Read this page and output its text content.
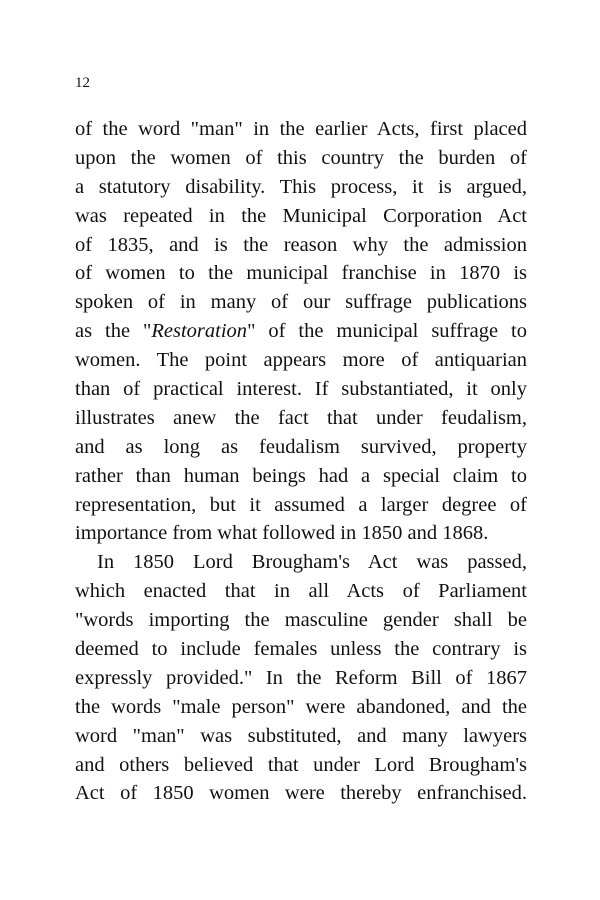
12
of the word "man" in the earlier Acts, first placed
upon the women of this country the burden of
a statutory disability. This process, it is argued,
was repeated in the Municipal Corporation Act
of 1835, and is the reason why the admission
of women to the municipal franchise in 1870 is
spoken of in many of our suffrage publications
as the "Restoration" of the municipal suffrage to
women. The point appears more of antiquarian
than of practical interest. If substantiated, it only
illustrates anew the fact that under feudalism,
and as long as feudalism survived, property
rather than human beings had a special claim to
representation, but it assumed a larger degree of
importance from what followed in 1850 and 1868.
In 1850 Lord Brougham's Act was passed,
which enacted that in all Acts of Parliament
"words importing the masculine gender shall be
deemed to include females unless the contrary is
expressly provided." In the Reform Bill of 1867
the words "male person" were abandoned, and the
word "man" was substituted, and many lawyers
and others believed that under Lord Brougham's
Act of 1850 women were thereby enfranchised.
